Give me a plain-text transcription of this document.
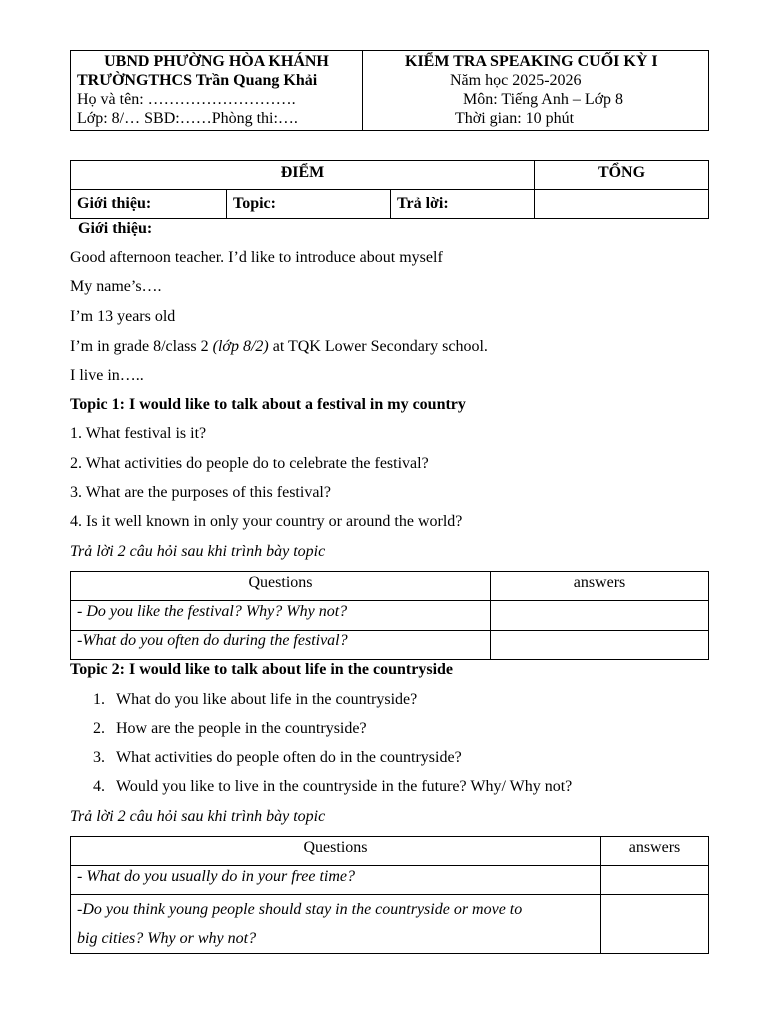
UBND PHƯỜNG HÒA KHÁNH
TRƯỜNGTHCS Trần Quang Khải
Họ và tên: ……………………….
Lớp: 8/… SBD:……Phòng thi:….

KIỂM TRA SPEAKING CUỐI KỲ I
Năm học 2025-2026
Môn: Tiếng Anh – Lớp 8
Thời gian: 10 phút
ĐIỂM			TỔNG
Giới thiệu:	Topic:	Trả lời:	
Giới thiệu:
Good afternoon teacher. I’d like to introduce about myself
My name’s….
I’m 13 years old
I’m in grade 8/class 2 (lớp 8/2) at TQK Lower Secondary school.
I live in…..
Topic 1: I would like to talk about a festival in my country
1. What festival is it?
2. What activities do people do to celebrate the festival?
3. What are the purposes of this festival?
4. Is it well known in only your country or around the world?
Trả lời 2 câu hỏi sau khi trình bày topic
Questions	answers
- Do you like the festival? Why? Why not?	
-What do you often do during the festival?	
Topic 2: I would like to talk about life in the countryside
1. What do you like about life in the countryside?
2. How are the people in the countryside?
3. What activities do people often do in the countryside?
4. Would you like to live in the countryside in the future? Why/ Why not?
Trả lời 2 câu hỏi sau khi trình bày topic
Questions	answers
- What do you usually do in your free time?	

-Do you think young people should stay in the countryside or move to
big cities? Why or why not?	
